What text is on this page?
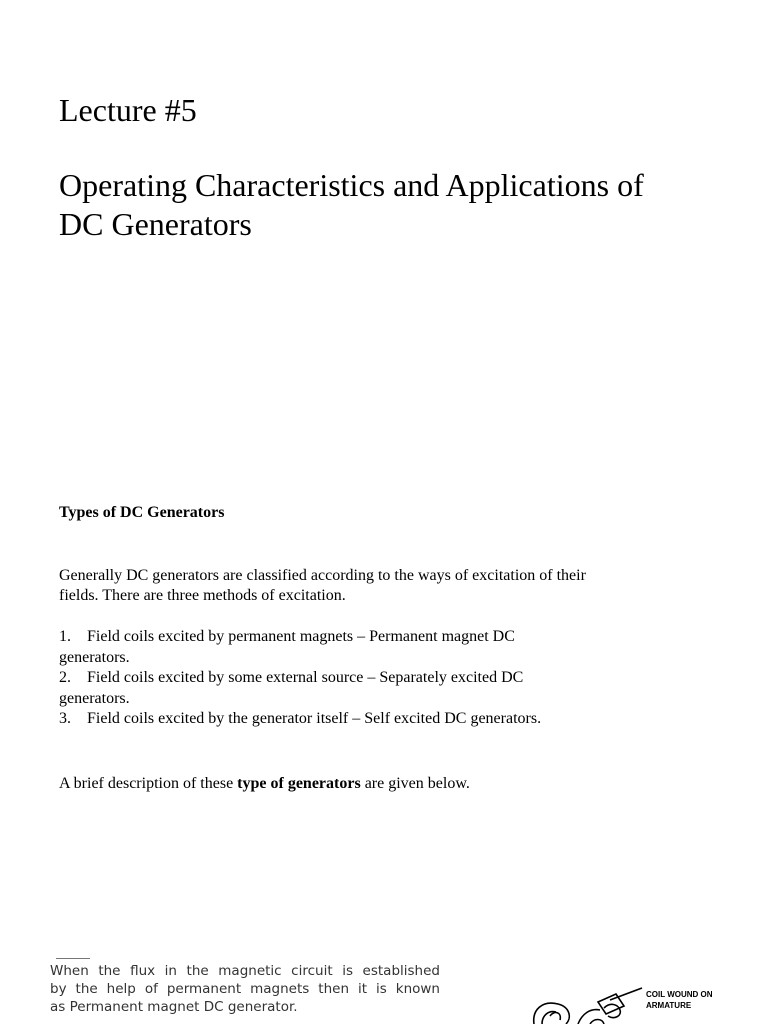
Lecture #5
Operating Characteristics and Applications of
DC Generators
Types of DC Generators

Generally DC generators are classified according to the ways of excitation of their
fields. There are three methods of excitation.

1. Field coils excited by permanent magnets – Permanent magnet DC
generators.
2. Field coils excited by some external source – Separately excited DC
generators.
3. Field coils excited by the generator itself – Self excited DC generators.

A brief description of these type of generators are given below.

When the flux in the magnetic circuit is established
by the help of permanent magnets then it is known
as Permanent magnet DC generator.

COIL WOUND ON
ARMATURE
